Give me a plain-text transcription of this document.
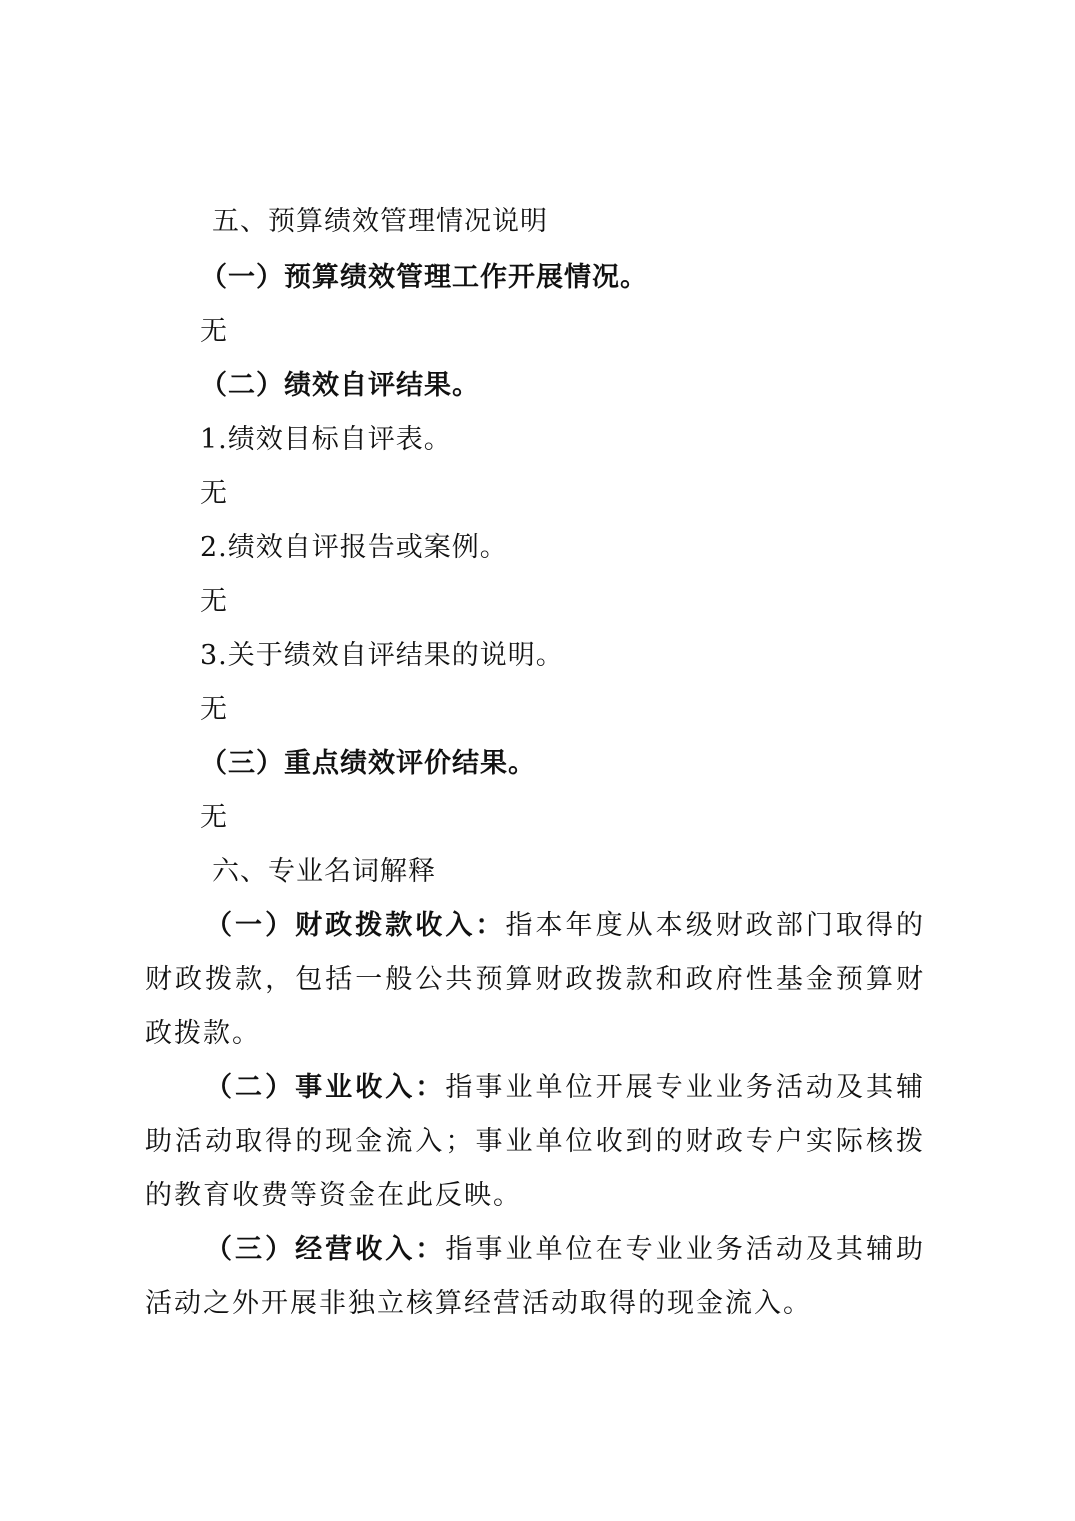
五、预算绩效管理情况说明
（一）预算绩效管理工作开展情况。
无
（二）绩效自评结果。
1.绩效目标自评表。
无
2.绩效自评报告或案例。
无
3.关于绩效自评结果的说明。
无
（三）重点绩效评价结果。
无
六、专业名词解释
（一）财政拨款收入：指本年度从本级财政部门取得的财政拨款，包括一般公共预算财政拨款和政府性基金预算财政拨款。
（二）事业收入：指事业单位开展专业业务活动及其辅助活动取得的现金流入；事业单位收到的财政专户实际核拨的教育收费等资金在此反映。
（三）经营收入：指事业单位在专业业务活动及其辅助活动之外开展非独立核算经营活动取得的现金流入。
